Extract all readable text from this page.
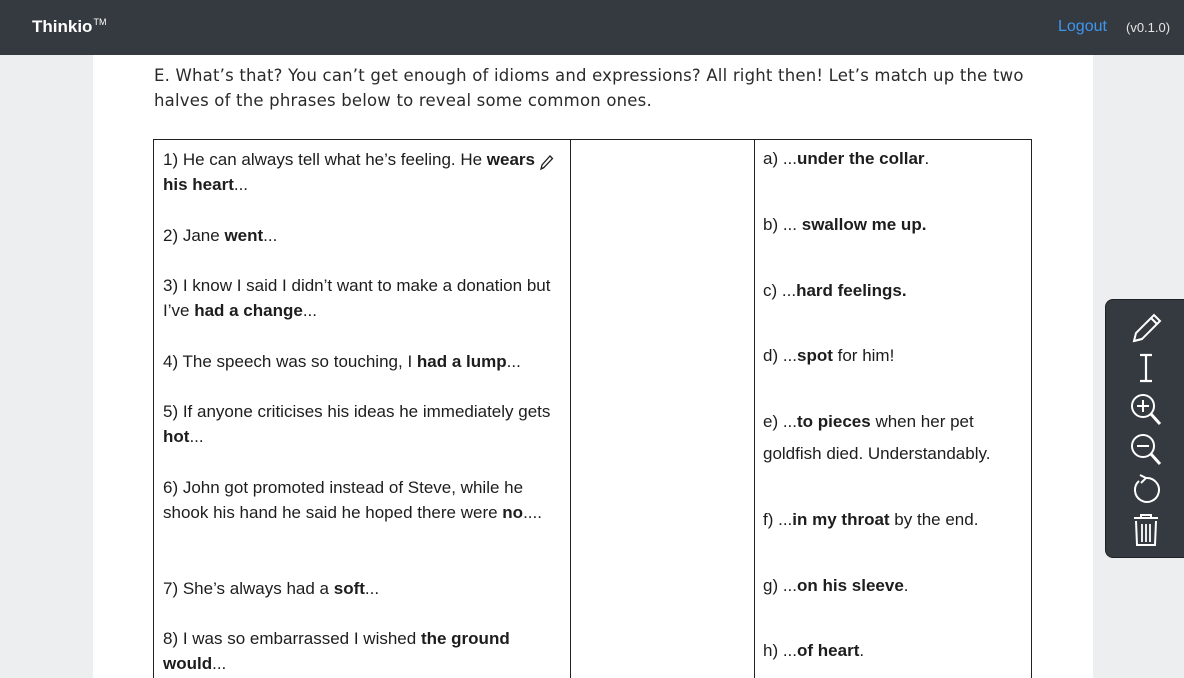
Thinkio™	Logout (v0.1.0)
E. What’s that? You can’t get enough of idioms and expressions? All right then! Let’s match up the two halves of the phrases below to reveal some common ones.
1) He can always tell what he’s feeling. He wears his heart...
2) Jane went...
3) I know I said I didn’t want to make a donation but I’ve had a change...
4) The speech was so touching, I had a lump...
5) If anyone criticises his ideas he immediately gets hot...
6) John got promoted instead of Steve, while he shook his hand he said he hoped there were no....
7) She’s always had a soft...
8) I was so embarrassed I wished the ground would...
a) ...under the collar.
b) ... swallow me up.
c) ...hard feelings.
d) ...spot for him!
e) ...to pieces when her pet goldfish died. Understandably.
f) ...in my throat by the end.
g) ...on his sleeve.
h) ...of heart.
